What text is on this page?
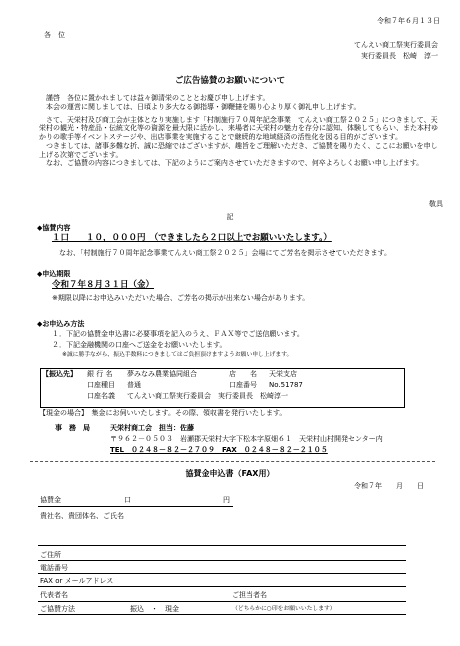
令和７年６月１３日
各　位
てんえい商工祭実行委員会
実行委員長　松崎　淳一
ご広告協賛のお願いについて

謹啓　各位に置かれましては益々御清栄のこととお慶び申し上げます。

本会の運営に関しましては、日頃より多大なる御指導・御鞭撻を賜り心より厚く御礼申し上げます。

さて、天栄村及び商工会が主体となり実施します「村制施行７０周年記念事業　てんえい商工祭２０２５」につきまして、天栄村の観光・特産品・伝統文化等の資源を最大限に活かし、来場者に天栄村の魅力を存分に認知、体験してもらい、また本村ゆかりの歌手等イベントステージや、出店事業を実施することで継続的な地域経済の活性化を図る目的がございます。

つきましては、諸事多難な折、誠に恐縮ではございますが、趣旨をご理解いただき、ご協賛を賜りたく、ここにお願いを申し上げる次第でございます。

なお、ご協賛の内容につきましては、下記のようにご案内させていただきますので、何卒よろしくお願い申し上げます。

敬具
記
◆協賛内容
１口　　１０，０００円　（できましたら２口以上でお願いいたします。）

なお、「村制施行７０周年記念事業てんえい商工祭２０２５」会場にてご芳名を掲示させていただきます。

◆申込期限
令和７年８月３１日（金）
※期限以降にお申込みいただいた場合、ご芳名の掲示が出来ない場合があります。
◆お申込み方法
１．下記の協賛金申込書に必要事項を記入のうえ、ＦＡＸ等でご送信願います。
２．下記金融機関の口座へご送金をお願いいたします。
※誠に勝手ながら、振込手数料につきましてはご負担頂けますようお願い申し上げます。
【振込先】 銀 行 名 夢みなみ農業協同組合	店　　名 天栄支店
口座種目 普通	口座番号 No.51787
口座名義 てんえい商工祭実行委員会　実行委員長　松崎淳一
【現金の場合】　集金にお伺いいたします。その際、領収書を発行いたします。
事　務　局	天栄村商工会　担当：佐藤
〒９６２－０５０３　岩瀬郡天栄村大字下松本字原畑６１　天栄村山村開発センター内
TEL　０２４８－８２－２７０９　FAX　０２４８－８２－２１０５
協賛金申込書（FAX用）
令和７年　　月　　日
協賛金	口	円
貴社名、貴団体名、ご氏名
ご住所
電話番号
FAX or メールアドレス
代表者名	ご担当者名
ご協賛方法	振込　・　現金	（どちらかに○印をお願いいたします）
